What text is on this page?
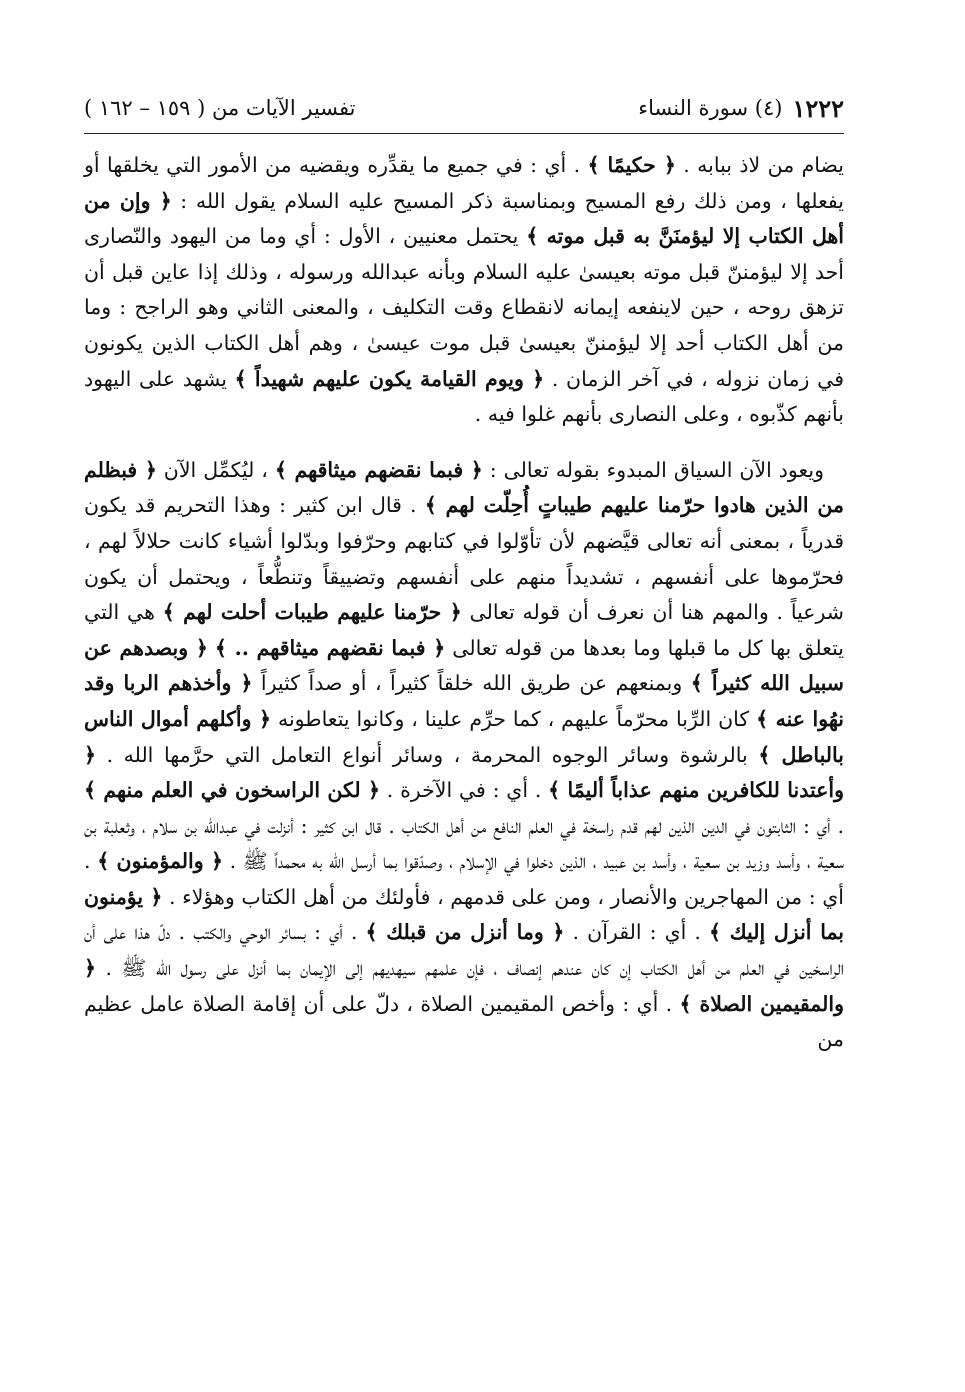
١٢٢٢
(٤) سورة النساء
تفسير الآيات من ( ١٥٩ – ١٦٢ )

يضام من لاذ ببابه . ﴿ حكيمًا ﴾ . أي : في جميع ما يقدِّره ويقضيه من الأمور التي يخلقها أو يفعلها ، ومن ذلك رفع المسيح وبمناسبة ذكر المسيح عليه السلام يقول الله : ﴿ وإن من أهل الكتاب إلا ليؤمنَنَّ به قبل موته ﴾ يحتمل معنيين ، الأول : أي وما من اليهود والنّصارى أحد إلا ليؤمننّ قبل موته بعيسىٰ عليه السلام وبأنه عبدالله ورسوله ، وذلك إذا عاين قبل أن تزهق روحه ، حين لاينفعه إيمانه لانقطاع وقت التكليف ، والمعنى الثاني وهو الراجح : وما من أهل الكتاب أحد إلا ليؤمننّ بعيسىٰ قبل موت عيسىٰ ، وهم أهل الكتاب الذين يكونون في زمان نزوله ، في آخر الزمان . ﴿ ويوم القيامة يكون عليهم شهيداً ﴾ يشهد على اليهود بأنهم كذّبوه ، وعلى النصارى بأنهم غلوا فيه .

ويعود الآن السياق المبدوء بقوله تعالى : ﴿ فبما نقضهم ميثاقهم ﴾ ، ليُكمِّل الآن ﴿ فبظلم من الذين هادوا حرّمنا عليهم طيباتٍ أُحِلّت لهم ﴾ . قال ابن كثير : وهذا التحريم قد يكون قدرياً ، بمعنى أنه تعالى قيَّضهم لأن تأوّلوا في كتابهم وحرّفوا وبدّلوا أشياء كانت حلالاً لهم ، فحرّموها على أنفسهم ، تشديداً منهم على أنفسهم وتضييقاً وتنطُّعاً ، ويحتمل أن يكون شرعياً . والمهم هنا أن نعرف أن قوله تعالى ﴿ حرّمنا عليهم طيبات أحلت لهم ﴾ هي التي يتعلق بها كل ما قبلها وما بعدها من قوله تعالى ﴿ فبما نقضهم ميثاقهم .. ﴾ ﴿ وبصدهم عن سبيل الله كثيراً ﴾ وبمنعهم عن طريق الله خلقاً كثيراً ، أو صداً كثيراً ﴿ وأخذهم الربا وقد نهُوا عنه ﴾ كان الرِّبا محرّماً عليهم ، كما حرِّم علينا ، وكانوا يتعاطونه ﴿ وأكلهم أموال الناس بالباطل ﴾ بالرشوة وسائر الوجوه المحرمة ، وسائر أنواع التعامل التي حرَّمها الله . ﴿ وأعتدنا للكافرين منهم عذاباً أليمًا ﴾ . أي : في الآخرة . ﴿ لكن الراسخون في العلم منهم ﴾ . أي : الثابتون في الدين الذين لهم قدم راسخة في العلم النافع من أهل الكتاب . قال ابن كثير : أنزلت في عبدالله بن سلام ، وثعلبة بن سعية ، وأسد وزيد بن سعية ، وأسد بن عبيد ، الذين دخلوا في الإسلام ، وصدّقوا بما أرسل الله به محمداً ﷺ . ﴿ والمؤمنون ﴾ . أي : من المهاجرين والأنصار ، ومن على قدمهم ، فأولئك من أهل الكتاب وهؤلاء . ﴿ يؤمنون بما أنزل إليك ﴾ . أي : القرآن . ﴿ وما أنزل من قبلك ﴾ . أي : بسائر الوحي والكتب . دلّ هذا على أن الراسخين في العلم من أهل الكتاب إن كان عندهم إنصاف ، فإن علمهم سيهديهم إلى الإيمان بما أنزل على رسول الله ﷺ . ﴿ والمقيمين الصلاة ﴾ . أي : وأخص المقيمين الصلاة ، دلّ على أن إقامة الصلاة عامل عظيم من
